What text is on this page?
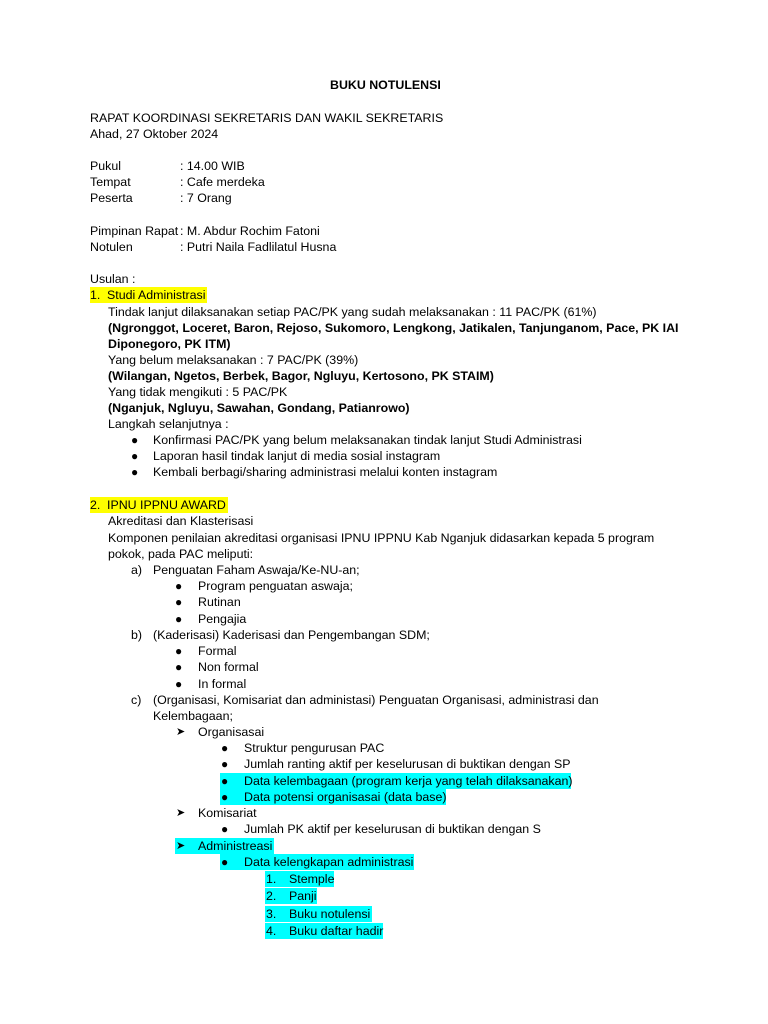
BUKU NOTULENSI
RAPAT KOORDINASI SEKRETARIS DAN WAKIL SEKRETARIS
Ahad, 27 Oktober 2024
Pukul	: 14.00 WIB
Tempat	: Cafe merdeka
Peserta	: 7 Orang
Pimpinan Rapat : M. Abdur Rochim Fatoni
Notulen	: Putri Naila Fadlilatul Husna
Usulan :
1. Studi Administrasi
Tindak lanjut dilaksanakan setiap PAC/PK yang sudah melaksanakan : 11 PAC/PK (61%)
(Ngronggot, Loceret, Baron, Rejoso, Sukomoro, Lengkong, Jatikalen, Tanjunganom, Pace, PK IAI
Diponegoro, PK ITM)
Yang belum melaksanakan : 7 PAC/PK (39%)
(Wilangan, Ngetos, Berbek, Bagor, Ngluyu, Kertosono, PK STAIM)
Yang tidak mengikuti : 5 PAC/PK
(Nganjuk, Ngluyu, Sawahan, Gondang, Patianrowo)
Langkah selanjutnya :
● Konfirmasi PAC/PK yang belum melaksanakan tindak lanjut Studi Administrasi
● Laporan hasil tindak lanjut di media sosial instagram
● Kembali berbagi/sharing administrasi melalui konten instagram
2. IPNU IPPNU AWARD
Akreditasi dan Klasterisasi
Komponen penilaian akreditasi organisasi IPNU IPPNU Kab Nganjuk didasarkan kepada 5 program
pokok, pada PAC meliputi:
a) Penguatan Faham Aswaja/Ke-NU-an;
● Program penguatan aswaja;
● Rutinan
● Pengajia
b) (Kaderisasi) Kaderisasi dan Pengembangan SDM;
● Formal
● Non formal
● In formal
c) (Organisasi, Komisariat dan administasi) Penguatan Organisasi, administrasi dan
Kelembagaan;
➤ Organisasai
● Struktur pengurusan PAC
● Jumlah ranting aktif per keselurusan di buktikan dengan SP
● Data kelembagaan (program kerja yang telah dilaksanakan)
● Data potensi organisasai (data base)
➤ Komisariat
● Jumlah PK aktif per keselurusan di buktikan dengan S
➤ Administreasi
● Data kelengkapan administrasi
1. Stemple
2. Panji
3. Buku notulensi
4. Buku daftar hadir
